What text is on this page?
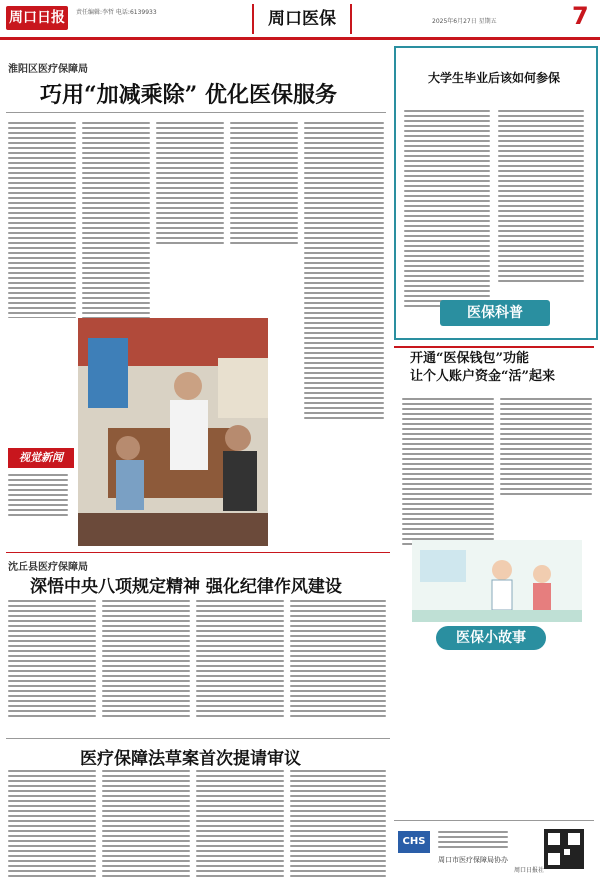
周口日报	责任编辑:李哲 电话:6139933	周口医保	2025年6月27日 星期五	7
淮阳区医疗保障局
巧用“加减乘除” 优化医保服务
视觉新闻
大学生毕业后该如何参保
医保科普
开通“医保钱包”功能
让个人账户资金“活”起来
医保小故事
沈丘县医疗保障局
深悟中央八项规定精神 强化纪律作风建设
医疗保障法草案首次提请审议
CHS
周口市医疗保障局协办
周口日报社
